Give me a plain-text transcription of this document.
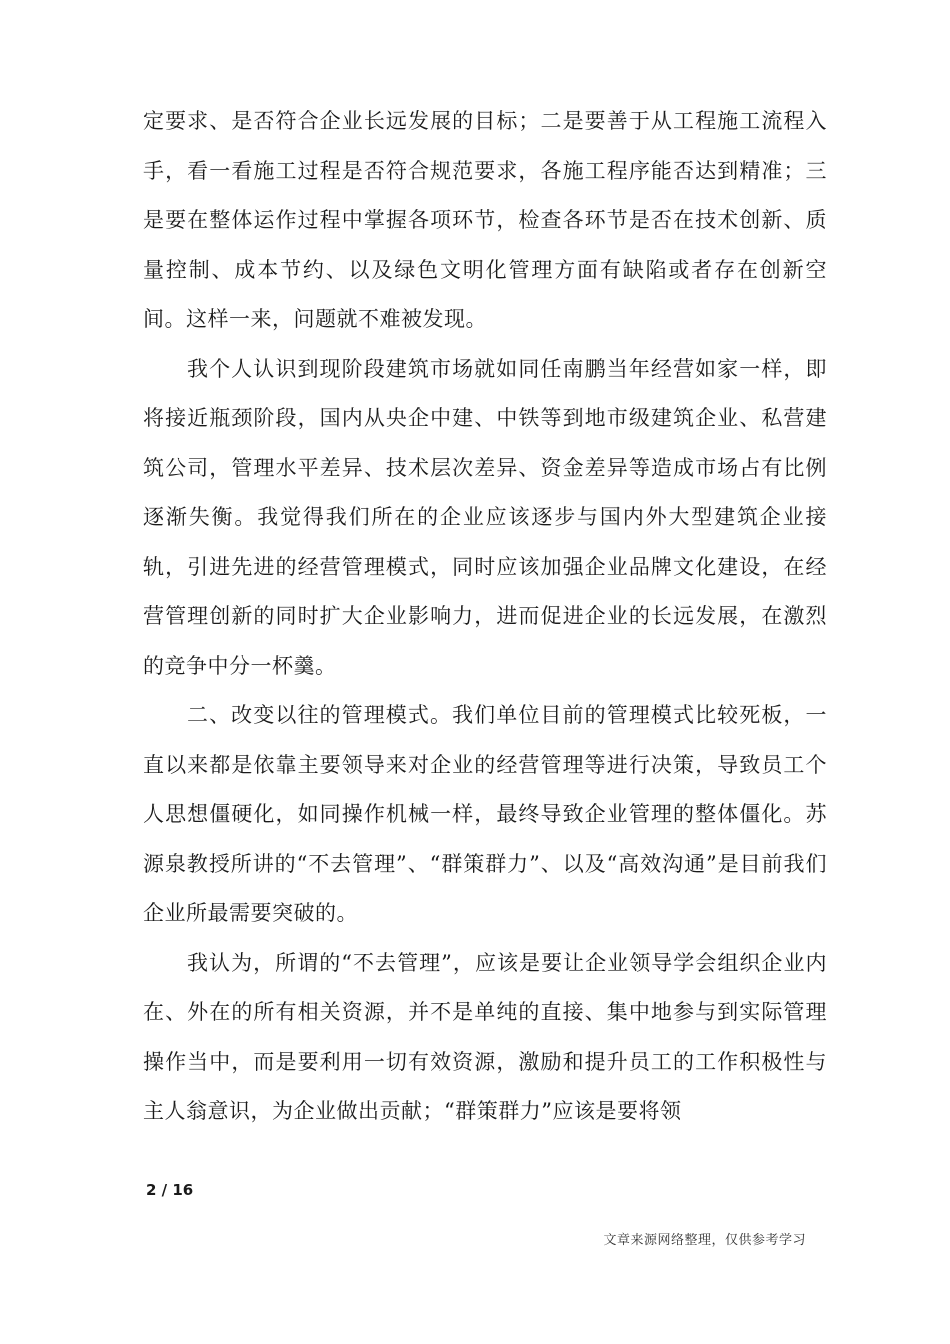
定要求、是否符合企业长远发展的目标；二是要善于从工程施工流程入手，看一看施工过程是否符合规范要求，各施工程序能否达到精准；三是要在整体运作过程中掌握各项环节，检查各环节是否在技术创新、质量控制、成本节约、以及绿色文明化管理方面有缺陷或者存在创新空间。这样一来，问题就不难被发现。

我个人认识到现阶段建筑市场就如同任南鹏当年经营如家一样，即将接近瓶颈阶段，国内从央企中建、中铁等到地市级建筑企业、私营建筑公司，管理水平差异、技术层次差异、资金差异等造成市场占有比例逐渐失衡。我觉得我们所在的企业应该逐步与国内外大型建筑企业接轨，引进先进的经营管理模式，同时应该加强企业品牌文化建设，在经营管理创新的同时扩大企业影响力，进而促进企业的长远发展，在激烈的竞争中分一杯羹。

二、改变以往的管理模式。我们单位目前的管理模式比较死板，一直以来都是依靠主要领导来对企业的经营管理等进行决策，导致员工个人思想僵硬化，如同操作机械一样，最终导致企业管理的整体僵化。苏源泉教授所讲的“不去管理”、“群策群力”、以及“高效沟通”是目前我们企业所最需要突破的。

我认为，所谓的“不去管理”，应该是要让企业领导学会组织企业内在、外在的所有相关资源，并不是单纯的直接、集中地参与到实际管理操作当中，而是要利用一切有效资源，激励和提升员工的工作积极性与主人翁意识，为企业做出贡献；“群策群力”应该是要将领

2 / 16
文章来源网络整理，仅供参考学习
